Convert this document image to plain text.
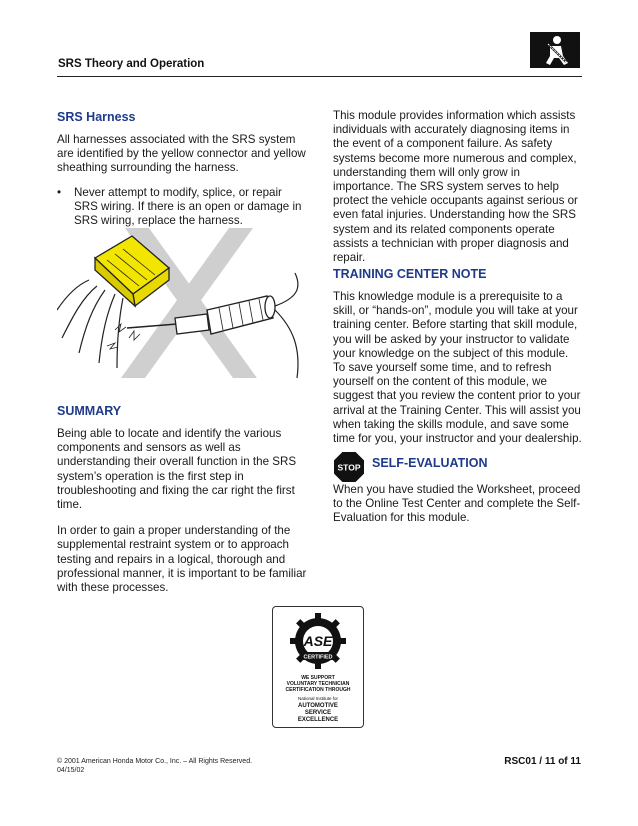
SRS Theory and Operation
SRS Harness

All harnesses associated with the SRS system are identified by the yellow connector and yellow sheathing surrounding the harness.

•	Never attempt to modify, splice, or repair SRS wiring. If there is an open or damage in SRS wiring, replace the harness.
SUMMARY

Being able to locate and identify the various components and sensors as well as understanding their overall function in the SRS system’s operation is the first step in troubleshooting and fixing the car right the first time.

In order to gain a proper understanding of the supplemental restraint system or to approach testing and repairs in a logical, thorough and professional manner, it is important to be familiar with these processes.

This module provides information which assists individuals with accurately diagnosing items in the event of a component failure. As safety systems become more numerous and complex, understanding them will only grow in importance. The SRS system serves to help protect the vehicle occupants against serious or even fatal injuries. Understanding how the SRS system and its related components operate assists a technician with proper diagnosis and repair.

TRAINING CENTER NOTE

This knowledge module is a prerequisite to a skill, or “hands-on”, module you will take at your training center. Before starting that skill module, you will be asked by your instructor to validate your knowledge on the subject of this module. To save yourself some time, and to refresh yourself on the content of this module, we suggest that you review the content prior to your arrival at the Training Center. This will assist you when taking the skills module, and save some time for you, your instructor and your dealership.

STOP SELF-EVALUATION

When you have studied the Worksheet, proceed to the Online Test Center and complete the Self-Evaluation for this module.

ASE
CERTIFIED
WE SUPPORT
VOLUNTARY TECHNICIAN
CERTIFICATION THROUGH
National Institute for
AUTOMOTIVE
SERVICE
EXCELLENCE
© 2001 American Honda Motor Co., Inc. – All Rights Reserved.
04/15/02
RSC01 / 11 of 11
